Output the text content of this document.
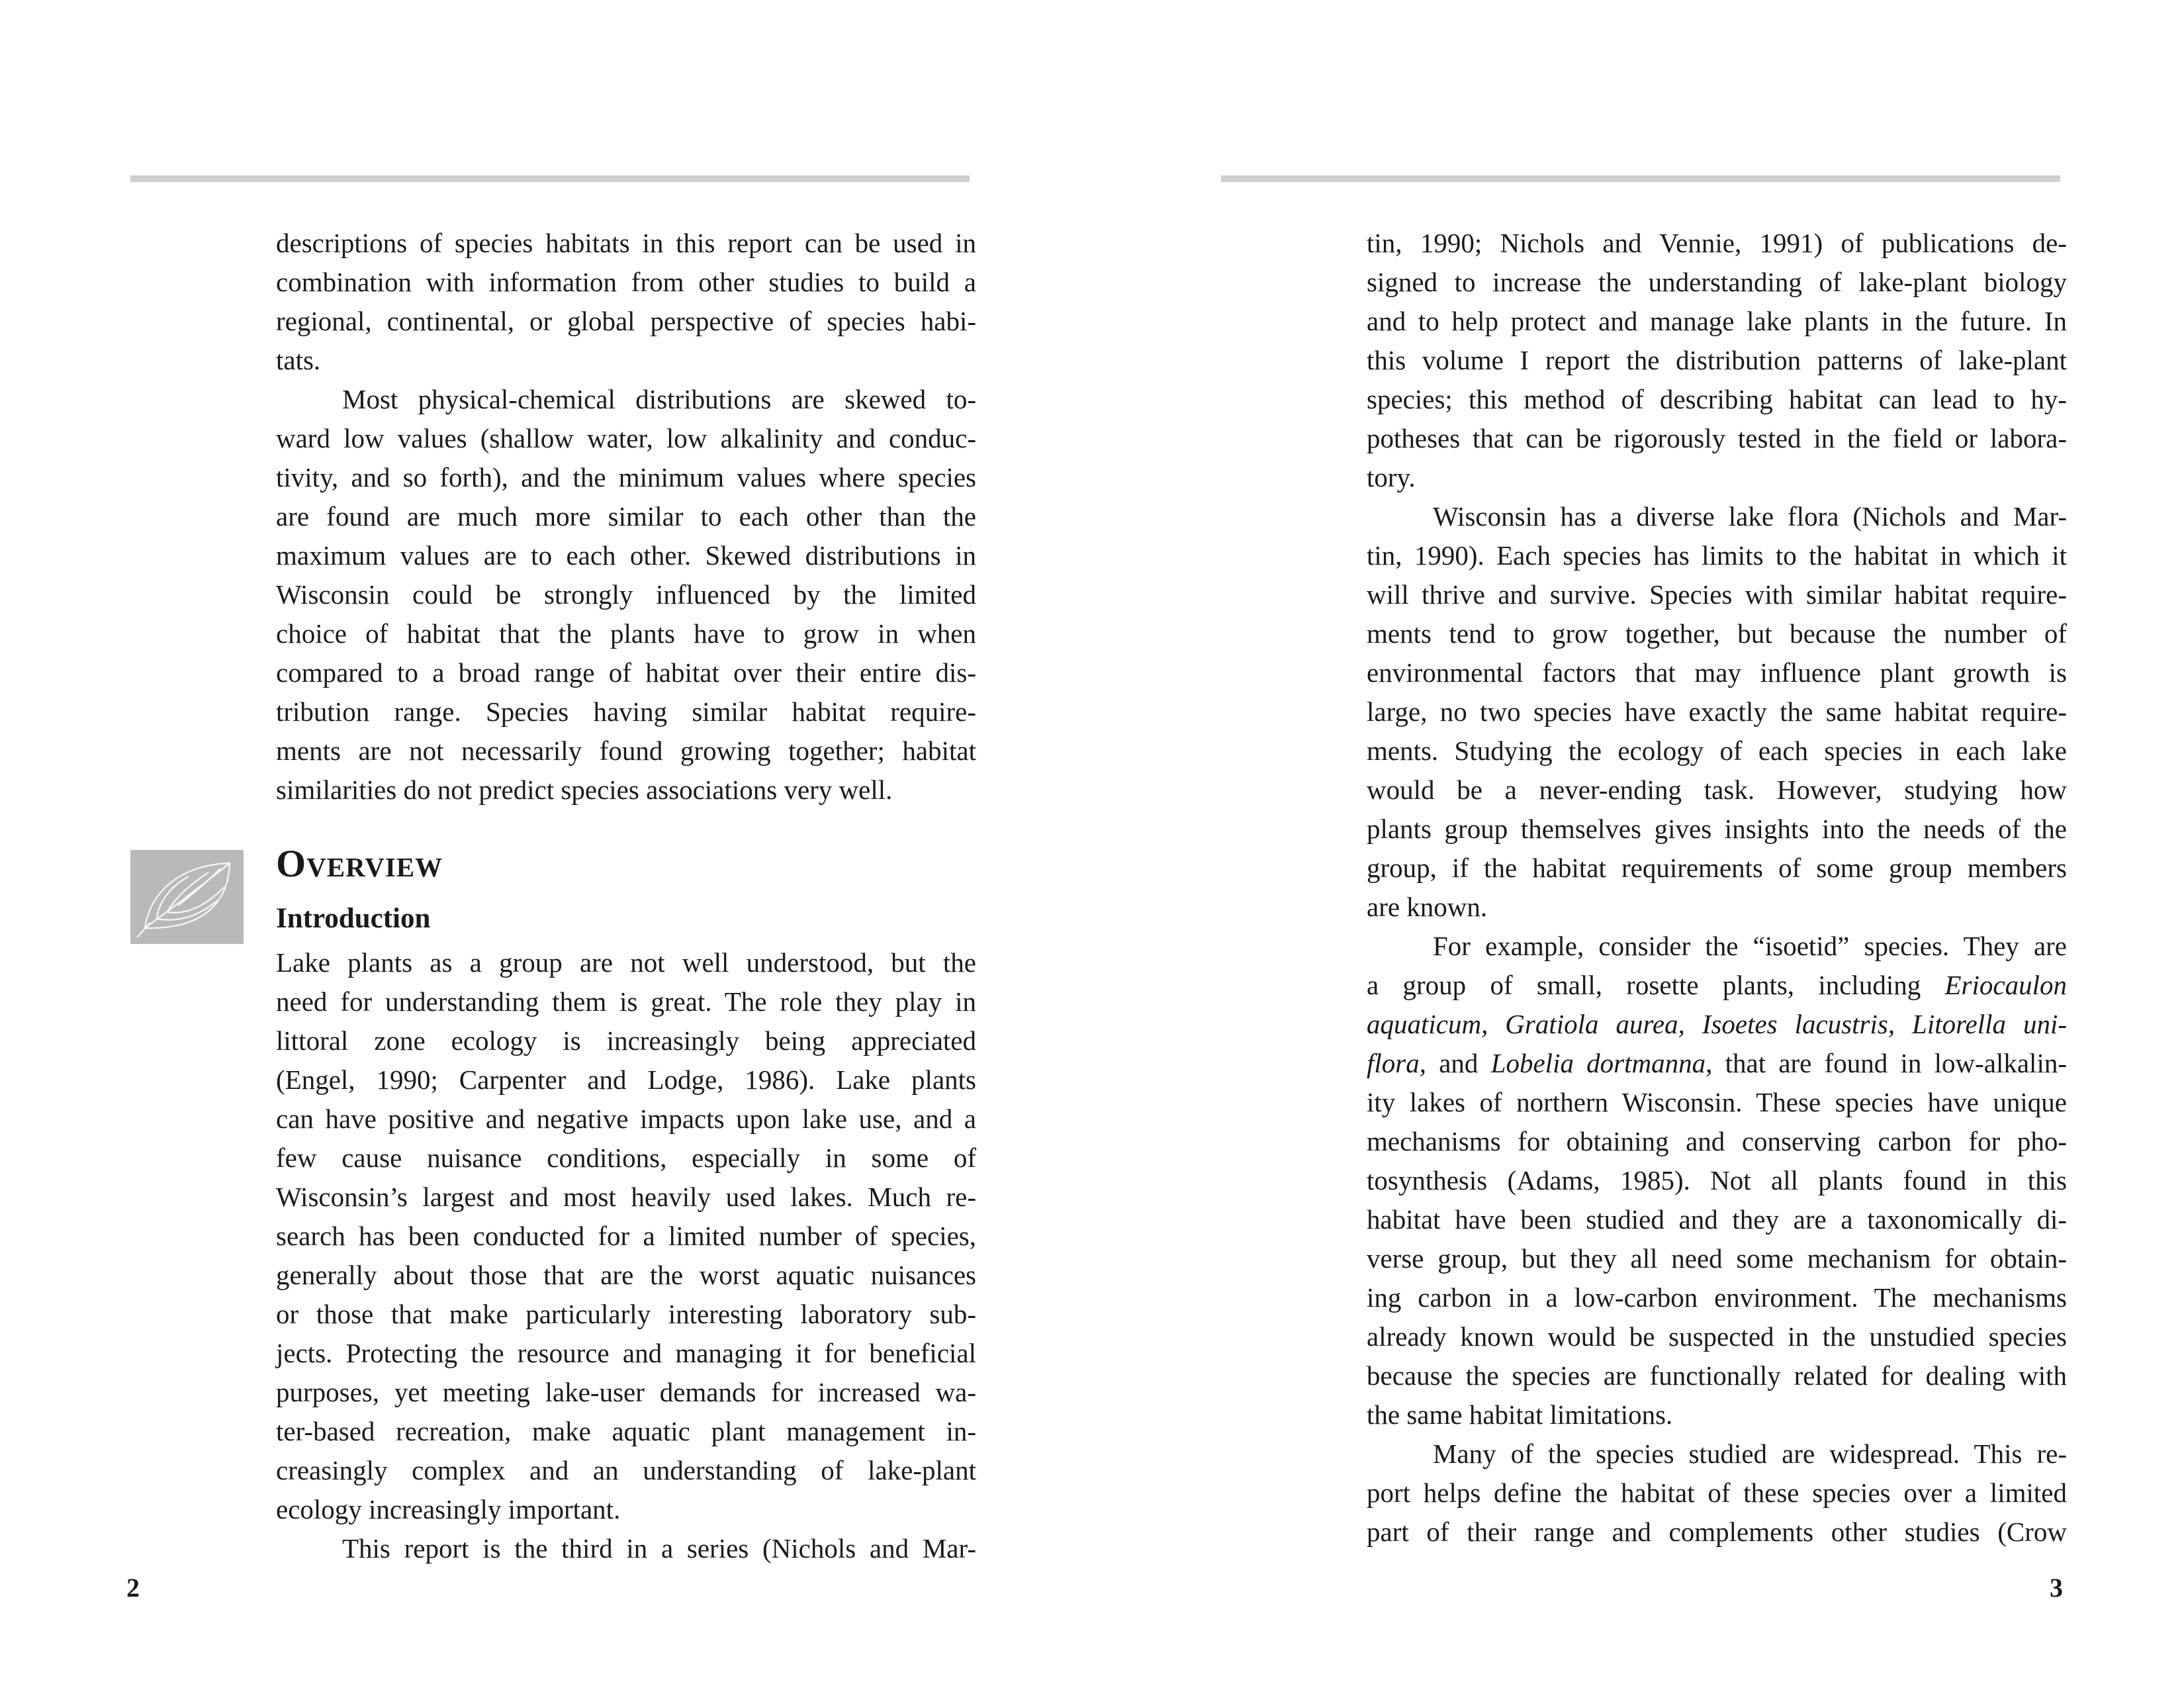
descriptions of species habitats in this report can be used in
combination with information from other studies to build a
regional, continental, or global perspective of species habi-
tats.
Most physical-chemical distributions are skewed to-
ward low values (shallow water, low alkalinity and conduc-
tivity, and so forth), and the minimum values where species
are found are much more similar to each other than the
maximum values are to each other. Skewed distributions in
Wisconsin could be strongly influenced by the limited
choice of habitat that the plants have to grow in when
compared to a broad range of habitat over their entire dis-
tribution range. Species having similar habitat require-
ments are not necessarily found growing together; habitat
similarities do not predict species associations very well.
Overview
Introduction
Lake plants as a group are not well understood, but the
need for understanding them is great. The role they play in
littoral zone ecology is increasingly being appreciated
(Engel, 1990; Carpenter and Lodge, 1986). Lake plants
can have positive and negative impacts upon lake use, and a
few cause nuisance conditions, especially in some of
Wisconsin’s largest and most heavily used lakes. Much re-
search has been conducted for a limited number of species,
generally about those that are the worst aquatic nuisances
or those that make particularly interesting laboratory sub-
jects. Protecting the resource and managing it for beneficial
purposes, yet meeting lake-user demands for increased wa-
ter-based recreation, make aquatic plant management in-
creasingly complex and an understanding of lake-plant
ecology increasingly important.
This report is the third in a series (Nichols and Mar-
2
tin, 1990; Nichols and Vennie, 1991) of publications de-
signed to increase the understanding of lake-plant biology
and to help protect and manage lake plants in the future. In
this volume I report the distribution patterns of lake-plant
species; this method of describing habitat can lead to hy-
potheses that can be rigorously tested in the field or labora-
tory.
Wisconsin has a diverse lake flora (Nichols and Mar-
tin, 1990). Each species has limits to the habitat in which it
will thrive and survive. Species with similar habitat require-
ments tend to grow together, but because the number of
environmental factors that may influence plant growth is
large, no two species have exactly the same habitat require-
ments. Studying the ecology of each species in each lake
would be a never-ending task. However, studying how
plants group themselves gives insights into the needs of the
group, if the habitat requirements of some group members
are known.
For example, consider the “isoetid” species. They are
a group of small, rosette plants, including Eriocaulon
aquaticum, Gratiola aurea, Isoetes lacustris, Litorella uni-
flora, and Lobelia dortmanna, that are found in low-alkalin-
ity lakes of northern Wisconsin. These species have unique
mechanisms for obtaining and conserving carbon for pho-
tosynthesis (Adams, 1985). Not all plants found in this
habitat have been studied and they are a taxonomically di-
verse group, but they all need some mechanism for obtain-
ing carbon in a low-carbon environment. The mechanisms
already known would be suspected in the unstudied species
because the species are functionally related for dealing with
the same habitat limitations.
Many of the species studied are widespread. This re-
port helps define the habitat of these species over a limited
part of their range and complements other studies (Crow
3
